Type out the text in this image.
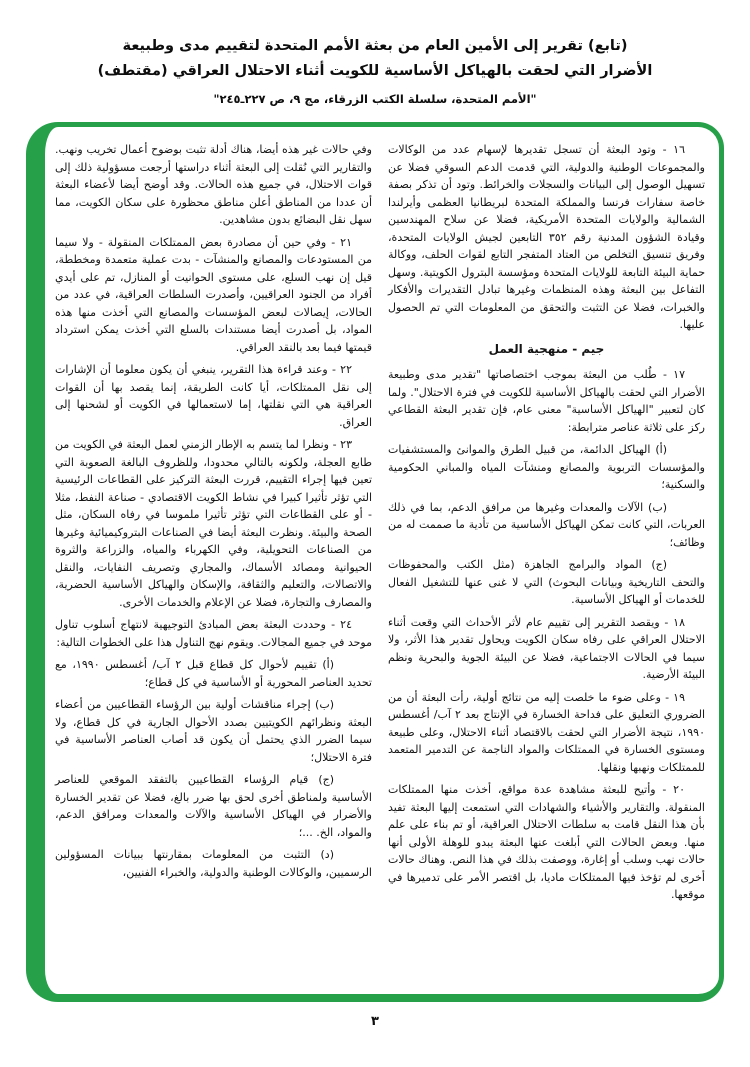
(تابع) تقرير إلى الأمين العام من بعثة الأمم المتحدة لتقييم مدى وطبيعة
الأضرار التي لحقت بالهياكل الأساسية للكويت أثناء الاحتلال العراقي (مقتطف)
"الأمم المتحدة، سلسلة الكتب الزرقاء، مج ٩، ص ٢٢٧ـ٢٤٥"

١٦ - وتود البعثة أن تسجل تقديرها لإسهام عدد من الوكالات والمجموعات الوطنية والدولية، التي قدمت الدعم السوقي فضلا عن تسهيل الوصول إلى البيانات والسجلات والخرائط. وتود أن تذكر بصفة خاصة سفارات فرنسا والمملكة المتحدة لبريطانيا العظمى وأيرلندا الشمالية والولايات المتحدة الأمريكية، فضلا عن سلاح المهندسين وقيادة الشؤون المدنية رقم ٣٥٢ التابعين لجيش الولايات المتحدة، وفريق تنسيق التخلص من العتاد المتفجر التابع لقوات الحلف، ووكالة حماية البيئة التابعة للولايات المتحدة ومؤسسة البترول الكويتية. وسهل التفاعل بين البعثة وهذه المنظمات وغيرها تبادل التقديرات والأفكار والخبرات، فضلا عن التثبت والتحقق من المعلومات التي تم الحصول عليها.

جيم - منهجية العمل

١٧ - طُلب من البعثة بموجب اختصاصاتها "تقدير مدى وطبيعة الأضرار التي لحقت بالهياكل الأساسية للكويت في فترة الاحتلال". ولما كان لتعبير "الهياكل الأساسية" معنى عام، فإن تقدير البعثة القطاعي ركز على ثلاثة عناصر مترابطة:

(أ) الهياكل الدائمة، من قبيل الطرق والموانئ والمستشفيات والمؤسسات التربوية والمصانع ومنشآت المياه والمباني الحكومية والسكنية؛

(ب) الآلات والمعدات وغيرها من مرافق الدعم، بما في ذلك العربات، التي كانت تمكن الهياكل الأساسية من تأدية ما صممت له من وظائف؛

(ج) المواد والبرامج الجاهزة (مثل الكتب والمحفوظات والتحف التاريخية وبيانات البحوث) التي لا غنى عنها للتشغيل الفعال للخدمات أو الهياكل الأساسية.

١٨ - ويقصد التقرير إلى تقييم عام لأثر الأحداث التي وقعت أثناء الاحتلال العراقي على رفاه سكان الكويت ويحاول تقدير هذا الأثر، ولا سيما في الحالات الاجتماعية، فضلا عن البيئة الجوية والبحرية ونظم البيئة الأرضية.

١٩ - وعلى ضوء ما خلصت إليه من نتائج أولية، رأت البعثة أن من الضروري التعليق على فداحة الخسارة في الإنتاج بعد ٢ آب/ أغسطس ١٩٩٠، نتيجة الأضرار التي لحقت بالاقتصاد أثناء الاحتلال، وعلى طبيعة ومستوى الخسارة في الممتلكات والمواد الناجمة عن التدمير المتعمد للممتلكات ونهبها ونقلها.

٢٠ - وأتيح للبعثة مشاهدة عدة مواقع، أخذت منها الممتلكات المنقولة. والتقارير والأشياء والشهادات التي استمعت إليها البعثة تفيد بأن هذا النقل قامت به سلطات الاحتلال العراقية، أو تم بناء على علم منها. وبعض الحالات التي أبلغت عنها البعثة يبدو للوهلة الأولى أنها حالات نهب وسلب أو إغارة، ووصفت بذلك في هذا النص. وهناك حالات أخرى لم تؤخذ فيها الممتلكات ماديا، بل اقتصر الأمر على تدميرها في موقعها.

وفي حالات غير هذه أيضا، هناك أدلة تثبت بوضوح أعمال تخريب ونهب. والتقارير التي نُقلت إلى البعثة أثناء دراستها أرجعت مسؤولية ذلك إلى قوات الاحتلال، في جميع هذه الحالات. وقد أوضح أيضا لأعضاء البعثة أن عددا من المناطق أعلن مناطق محظورة على سكان الكويت، مما سهل نقل البضائع بدون مشاهدين.

٢١ - وفي حين أن مصادرة بعض الممتلكات المنقولة - ولا سيما من المستودعات والمصانع والمنشآت - بدت عملية متعمدة ومخططة، قيل إن نهب السلع، على مستوى الحوانيت أو المنازل، تم على أيدي أفراد من الجنود العراقيين، وأصدرت السلطات العراقية، في عدد من الحالات، إيصالات لبعض المؤسسات والمصانع التي أخذت منها هذه المواد، بل أصدرت أيضا مستندات بالسلع التي أخذت يمكن استرداد قيمتها فيما بعد بالنقد العراقي.

٢٢ - وعند قراءة هذا التقرير، ينبغي أن يكون معلوما أن الإشارات إلى نقل الممتلكات، أيا كانت الطريقة، إنما يقصد بها أن القوات العراقية هي التي نقلتها، إما لاستعمالها في الكويت أو لشحنها إلى العراق.

٢٣ - ونظرا لما يتسم به الإطار الزمني لعمل البعثة في الكويت من طابع العجلة، ولكونه بالتالي محدودا، وللظروف البالغة الصعوبة التي تعين فيها إجراء التقييم، قررت البعثة التركيز على القطاعات الرئيسية التي تؤثر تأثيرا كبيرا في نشاط الكويت الاقتصادي - صناعة النفط، مثلا - أو على القطاعات التي تؤثر تأثيرا ملموسا في رفاه السكان، مثل الصحة والبيئة. ونظرت البعثة أيضا في الصناعات البتروكيميائية وغيرها من الصناعات التحويلية، وفي الكهرباء والمياه، والزراعة والثروة الحيوانية ومصائد الأسماك، والمجاري وتصريف النفايات، والنقل والاتصالات، والتعليم والثقافة، والإسكان والهياكل الأساسية الحضرية، والمصارف والتجارة، فضلا عن الإعلام والخدمات الأخرى.

٢٤ - وحددت البعثة بعض المبادئ التوجيهية لانتهاج أسلوب تناول موحد في جميع المجالات. ويقوم نهج التناول هذا على الخطوات التالية:

(أ) تقييم لأحوال كل قطاع قبل ٢ آب/ أغسطس ١٩٩٠، مع تحديد العناصر المحورية أو الأساسية في كل قطاع؛

(ب) إجراء مناقشات أولية بين الرؤساء القطاعيين من أعضاء البعثة ونظرائهم الكويتيين بصدد الأحوال الجارية في كل قطاع، ولا سيما الضرر الذي يحتمل أن يكون قد أصاب العناصر الأساسية في فترة الاحتلال؛

(ج) قيام الرؤساء القطاعيين بالتفقد الموقعي للعناصر الأساسية ولمناطق أخرى لحق بها ضرر بالغ، فضلا عن تقدير الخسارة والأضرار في الهياكل الأساسية والآلات والمعدات ومرافق الدعم، والمواد، الخ. ...؛

(د) التثبت من المعلومات بمقارنتها ببيانات المسؤولين الرسميين، والوكالات الوطنية والدولية، والخبراء الفنيين،

٣
